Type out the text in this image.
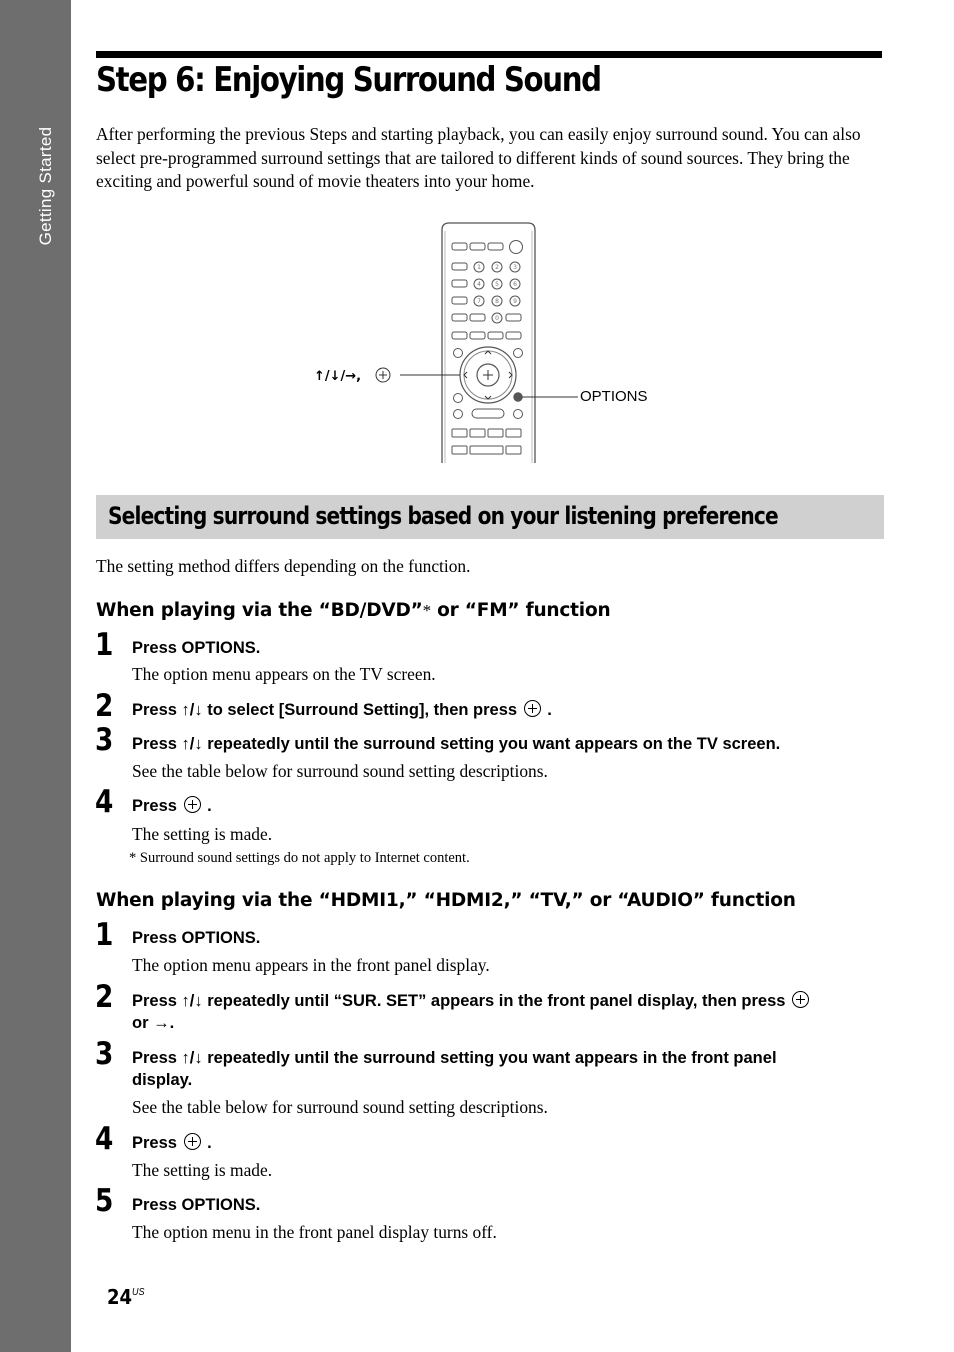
Getting Started
Step 6: Enjoying Surround Sound

After performing the previous Steps and starting playback, you can easily enjoy surround sound. You can also select pre-programmed surround settings that are tailored to different kinds of sound sources. They bring the exciting and powerful sound of movie theaters into your home.

1 2 3
4 5 6
7 8 9
0
↑/↓/→,
OPTIONS
Selecting surround settings based on your listening preference

The setting method differs depending on the function.

When playing via the “BD/DVD”* or “FM” function
1 Press OPTIONS.

The option menu appears on the TV screen.

2 Press ↑/↓ to select [Surround Setting], then press .

3 Press ↑/↓ repeatedly until the surround setting you want appears on the TV screen.

See the table below for surround sound setting descriptions.

4 Press .

The setting is made.

* Surround sound settings do not apply to Internet content.

When playing via the “HDMI1,” “HDMI2,” “TV,” or “AUDIO” function
1 Press OPTIONS.

The option menu appears in the front panel display.

2 Press ↑/↓ repeatedly until “SUR. SET” appears in the front panel display, then press
or →.

3 Press ↑/↓ repeatedly until the surround setting you want appears in the front panel
display.

See the table below for surround sound setting descriptions.

4 Press .

The setting is made.

5 Press OPTIONS.

The option menu in the front panel display turns off.

$24^{US}$
